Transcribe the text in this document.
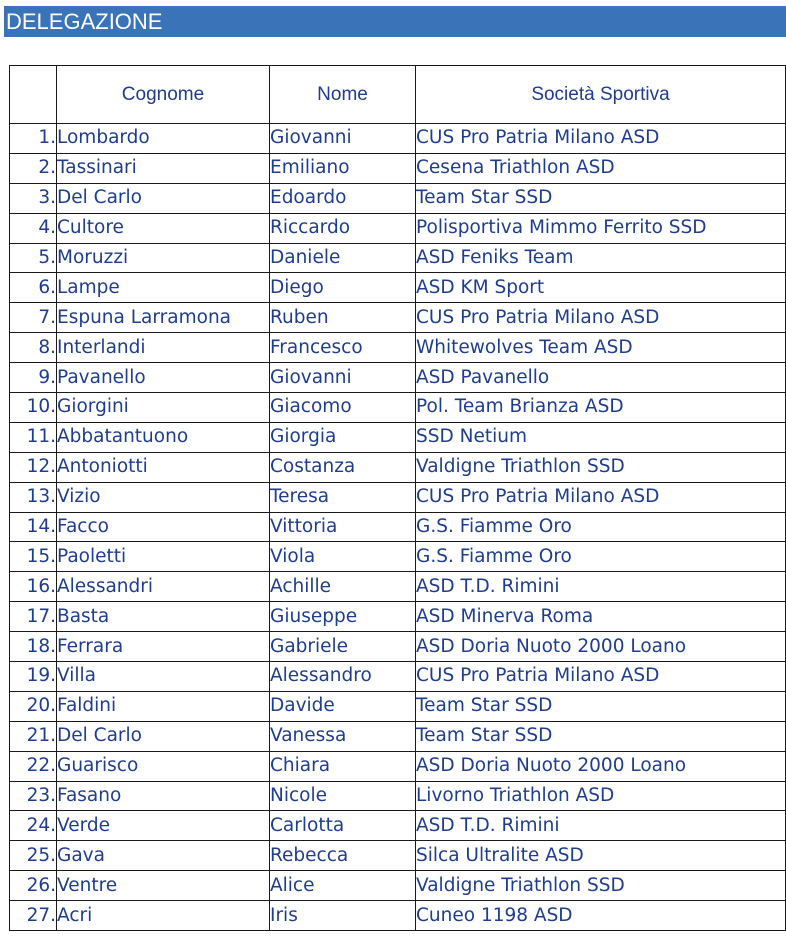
DELEGAZIONE
	Cognome	Nome	Società Sportiva
1.	Lombardo	Giovanni	CUS Pro Patria Milano ASD
2.	Tassinari	Emiliano	Cesena Triathlon ASD
3.	Del Carlo	Edoardo	Team Star SSD
4.	Cultore	Riccardo	Polisportiva Mimmo Ferrito SSD
5.	Moruzzi	Daniele	ASD Feniks Team
6.	Lampe	Diego	ASD KM Sport
7.	Espuna Larramona	Ruben	CUS Pro Patria Milano ASD
8.	Interlandi	Francesco	Whitewolves Team ASD
9.	Pavanello	Giovanni	ASD Pavanello
10.	Giorgini	Giacomo	Pol. Team Brianza ASD
11.	Abbatantuono	Giorgia	SSD Netium
12.	Antoniotti	Costanza	Valdigne Triathlon SSD
13.	Vizio	Teresa	CUS Pro Patria Milano ASD
14.	Facco	Vittoria	G.S. Fiamme Oro
15.	Paoletti	Viola	G.S. Fiamme Oro
16.	Alessandri	Achille	ASD T.D. Rimini
17.	Basta	Giuseppe	ASD Minerva Roma
18.	Ferrara	Gabriele	ASD Doria Nuoto 2000 Loano
19.	Villa	Alessandro	CUS Pro Patria Milano ASD
20.	Faldini	Davide	Team Star SSD
21.	Del Carlo	Vanessa	Team Star SSD
22.	Guarisco	Chiara	ASD Doria Nuoto 2000 Loano
23.	Fasano	Nicole	Livorno Triathlon ASD
24.	Verde	Carlotta	ASD T.D. Rimini
25.	Gava	Rebecca	Silca Ultralite ASD
26.	Ventre	Alice	Valdigne Triathlon SSD
27.	Acri	Iris	Cuneo 1198 ASD
